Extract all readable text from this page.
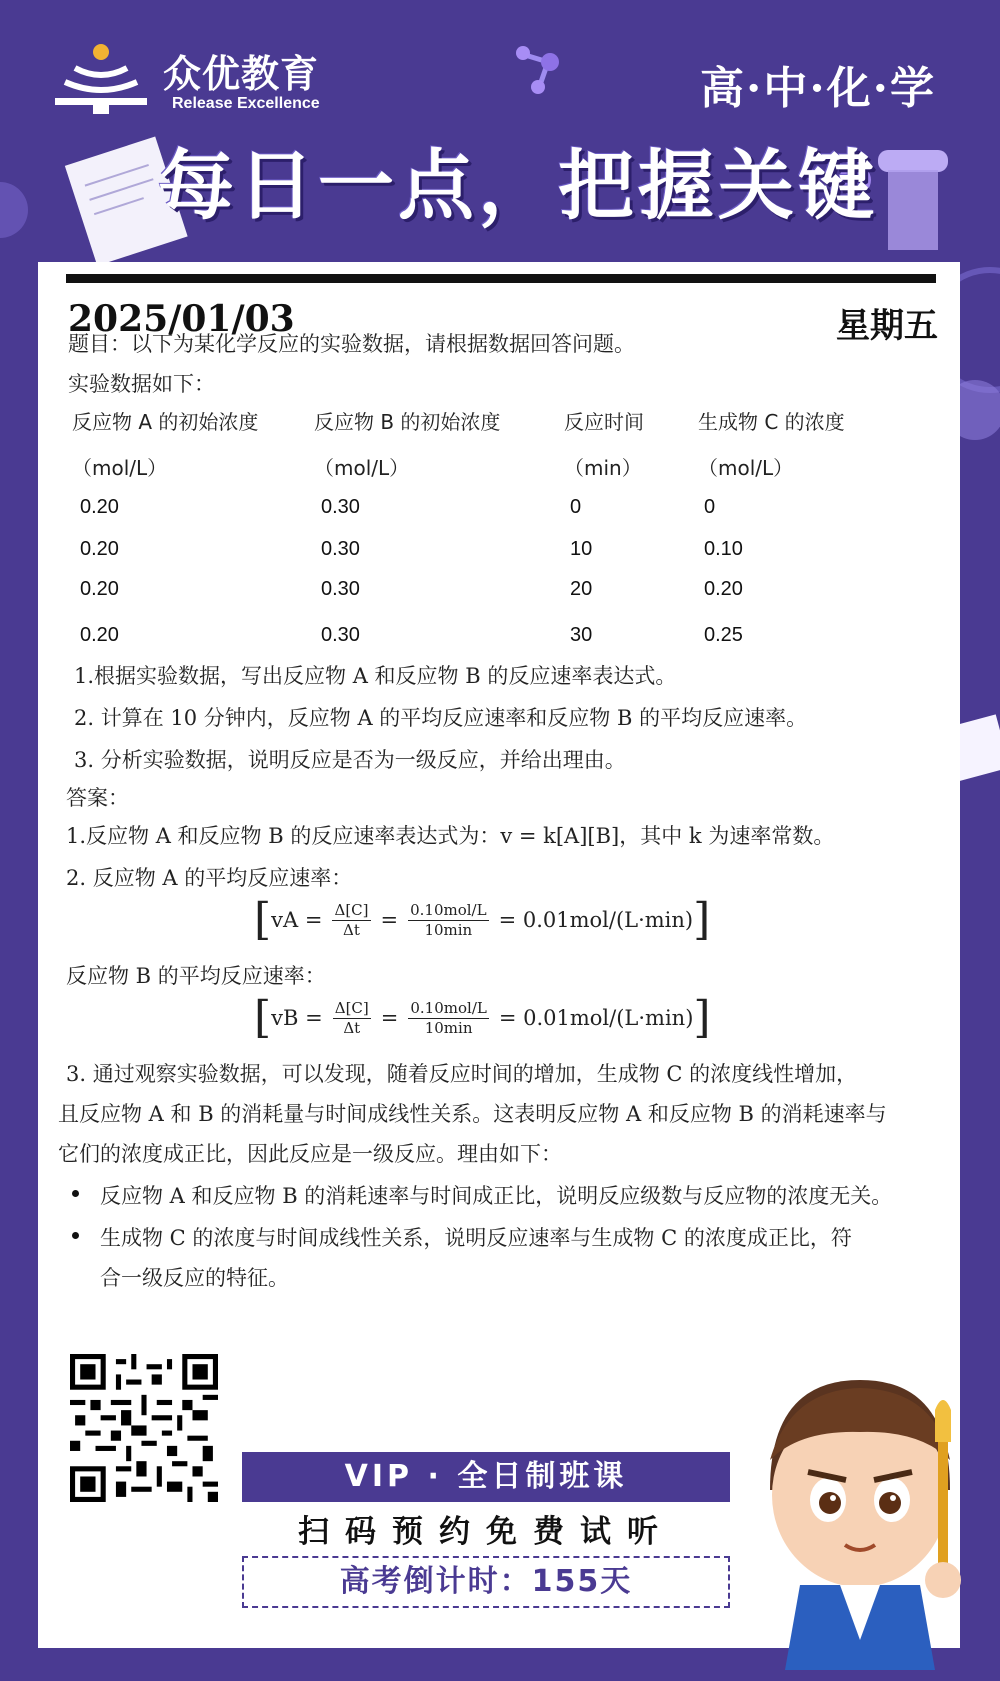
众优教育
Release Excellence	高·中·化·学
每日一点，把握关键
2025/01/03	星期五
题目：以下为某化学反应的实验数据，请根据数据回答问题。
实验数据如下：
反应物 A 的初始浓度	反应物 B 的初始浓度	反应时间	生成物 C 的浓度
（mol/L）	（mol/L）	（min）	（mol/L）
0.20	0.30	0	0
0.20	0.30	10	0.10
0.20	0.30	20	0.20
0.20	0.30	30	0.25
1.根据实验数据，写出反应物 A 和反应物 B 的反应速率表达式。
2. 计算在 10 分钟内，反应物 A 的平均反应速率和反应物 B 的平均反应速率。
3. 分析实验数据，说明反应是否为一级反应，并给出理由。
答案：
1.反应物 A 和反应物 B 的反应速率表达式为：v = k[A][B]，其中 k 为速率常数。
2. 反应物 A 的平均反应速率：
[ vA = $\frac{\Delta[C]}{\Delta t} = \frac{\text{0.10mol/L}}{10\min} = 0.01mol/(L\cdot\min)$ ]
反应物 B 的平均反应速率：
[ vB = $\frac{\Delta[C]}{\Delta t} = \frac{\text{0.10mol/L}}{10\min} = 0.01mol/(L\cdot\min)$ ]
3. 通过观察实验数据，可以发现，随着反应时间的增加，生成物 C 的浓度线性增加，
且反应物 A 和 B 的消耗量与时间成线性关系。这表明反应物 A 和反应物 B 的消耗速率与
它们的浓度成正比，因此反应是一级反应。理由如下：
反应物 A 和反应物 B 的消耗速率与时间成正比，说明反应级数与反应物的浓度无关。
生成物 C 的浓度与时间成线性关系，说明反应速率与生成物 C 的浓度成正比，符
合一级反应的特征。
VIP · 全日制班课
扫码预约免费试听
高考倒计时：155天
